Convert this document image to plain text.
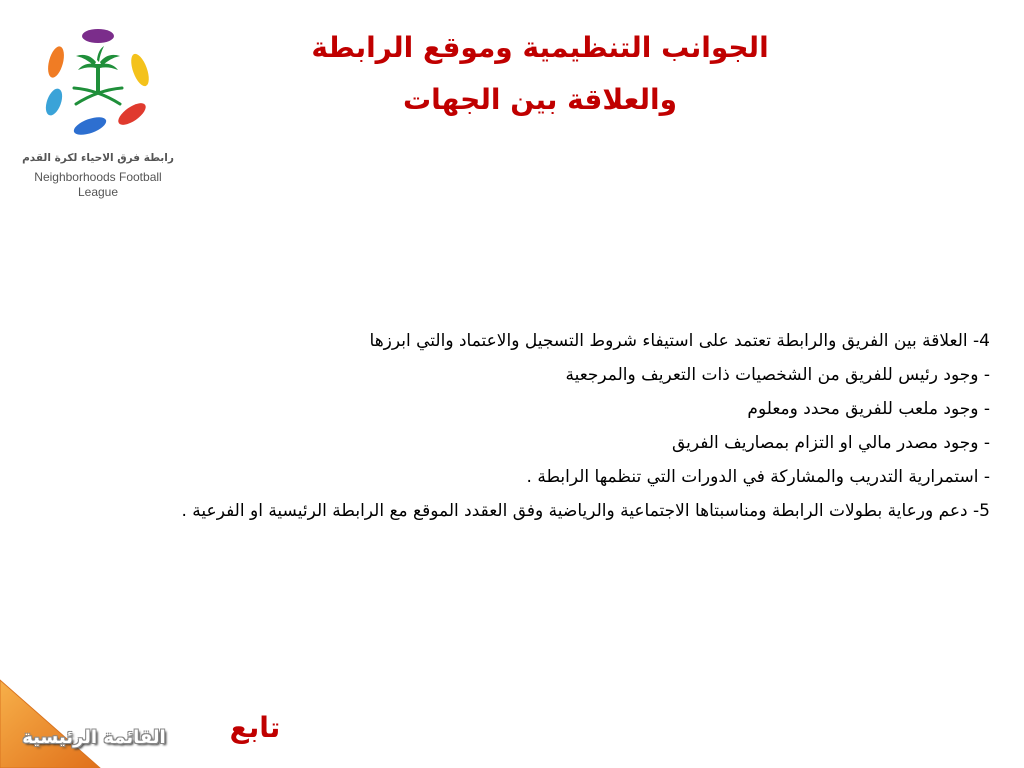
رابطة فرق الاحياء لكرة القدم
Neighborhoods Football
League
الجوانب التنظيمية وموقع الرابطة
والعلاقة بين الجهات

4- العلاقة بين الفريق والرابطة تعتمد على استيفاء شروط التسجيل والاعتماد والتي ابرزها

- وجود رئيس للفريق من الشخصيات ذات التعريف والمرجعية

- وجود ملعب للفريق محدد ومعلوم

- وجود مصدر مالي او التزام بمصاريف الفريق

- استمرارية التدريب والمشاركة في الدورات التي تنظمها الرابطة .

5- دعم ورعاية بطولات الرابطة ومناسبتاها الاجتماعية والرياضية وفق العقدد الموقع مع الرابطة الرئيسية او الفرعية .

القائمة الرئيسية	تابع
